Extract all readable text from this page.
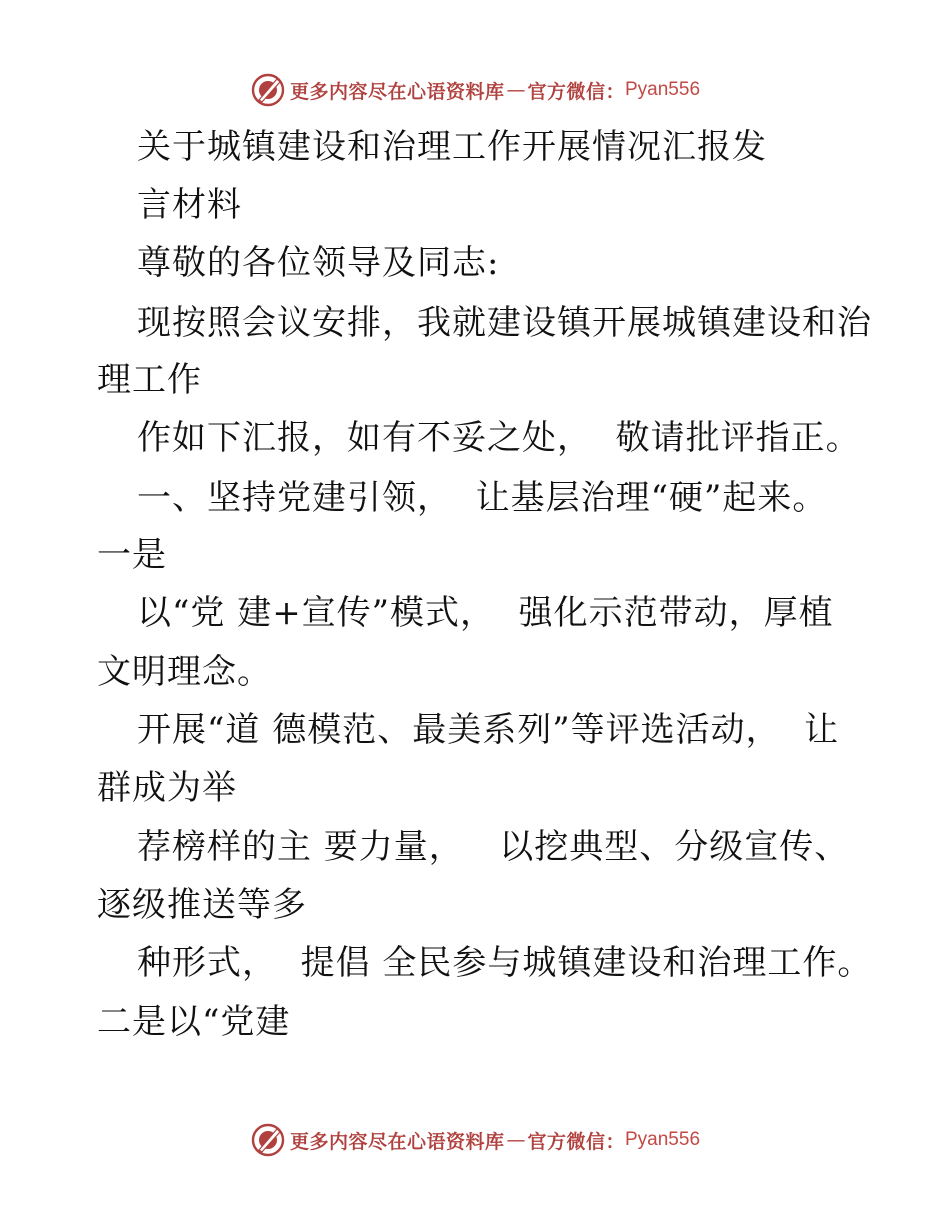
更多内容尽在心语资料库 — 官方微信： Pyan556
关于城镇建设和治理工作开展情况汇报发
言材料
尊敬的各位领导及同志:
现按照会议安排，我就建设镇开展城镇建设和治
理工作
作如下汇报，如有不妥之处，  敬请批评指正。
一、坚持党建引领，  让基层治理“硬”起来。
一是
以“党 建+宣传”模式，  强化示范带动，厚植
文明理念。
开展“道 德模范、最美系列”等评选活动，  让
群成为举
荐榜样的主 要力量，   以挖典型、分级宣传、
逐级推送等多
种形式，  提倡 全民参与城镇建设和治理工作。
二是以“党建
更多内容尽在心语资料库 — 官方微信： Pyan556
